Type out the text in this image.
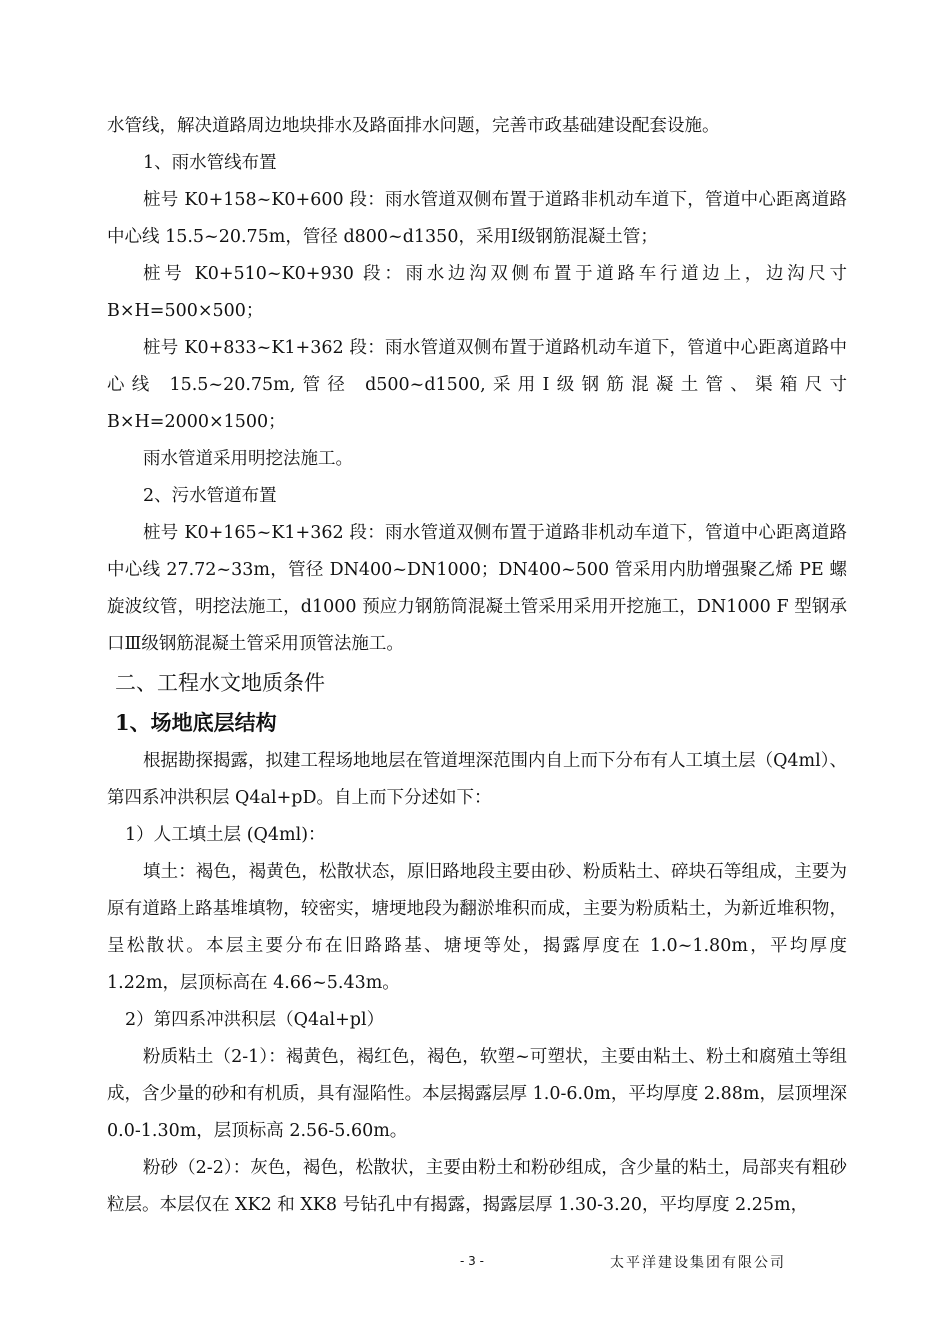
水管线，解决道路周边地块排水及路面排水问题，完善市政基础建设配套设施。

1、雨水管线布置

桩号 K0+158~K0+600 段：雨水管道双侧布置于道路非机动车道下，管道中心距离道路中心线 15.5~20.75m，管径 d800~d1350，采用Ⅰ级钢筋混凝土管；

桩号 K0+510~K0+930 段：雨水边沟双侧布置于道路车行道边上，边沟尺寸 B×H=500×500；

桩号 K0+833~K1+362 段：雨水管道双侧布置于道路机动车道下，管道中心距离道路中心线 15.5~20.75m,管径 d500~d1500,采用Ⅰ级钢筋混凝土管、渠箱尺寸 B×H=2000×1500；

雨水管道采用明挖法施工。

2、污水管道布置

桩号 K0+165~K1+362 段：雨水管道双侧布置于道路非机动车道下，管道中心距离道路中心线 27.72~33m，管径 DN400~DN1000；DN400~500 管采用内肋增强聚乙烯 PE 螺旋波纹管，明挖法施工，d1000 预应力钢筋筒混凝土管采用采用开挖施工，DN1000 F 型钢承口Ⅲ级钢筋混凝土管采用顶管法施工。

二、工程水文地质条件

1、场地底层结构

根据勘探揭露，拟建工程场地地层在管道埋深范围内自上而下分布有人工填土层（Q4ml）、第四系冲洪积层 Q4al+pD。自上而下分述如下：

1）人工填土层 (Q4ml)：

填土：褐色，褐黄色，松散状态，原旧路地段主要由砂、粉质粘土、碎块石等组成，主要为原有道路上路基堆填物，较密实，塘埂地段为翻淤堆积而成，主要为粉质粘土，为新近堆积物，呈松散状。本层主要分布在旧路路基、塘埂等处，揭露厚度在 1.0~1.80m，平均厚度 1.22m，层顶标高在 4.66~5.43m。

2）第四系冲洪积层（Q4al+pl）

粉质粘土（2-1）：褐黄色，褐红色，褐色，软塑~可塑状，主要由粘土、粉土和腐殖土等组成，含少量的砂和有机质，具有湿陷性。本层揭露层厚 1.0-6.0m，平均厚度 2.88m，层顶埋深 0.0-1.30m，层顶标高 2.56-5.60m。

粉砂（2-2）：灰色，褐色，松散状，主要由粉土和粉砂组成，含少量的粘土，局部夹有粗砂粒层。本层仅在 XK2 和 XK8 号钻孔中有揭露，揭露层厚 1.30-3.20，平均厚度 2.25m，

- 3 -	太平洋建设集团有限公司
